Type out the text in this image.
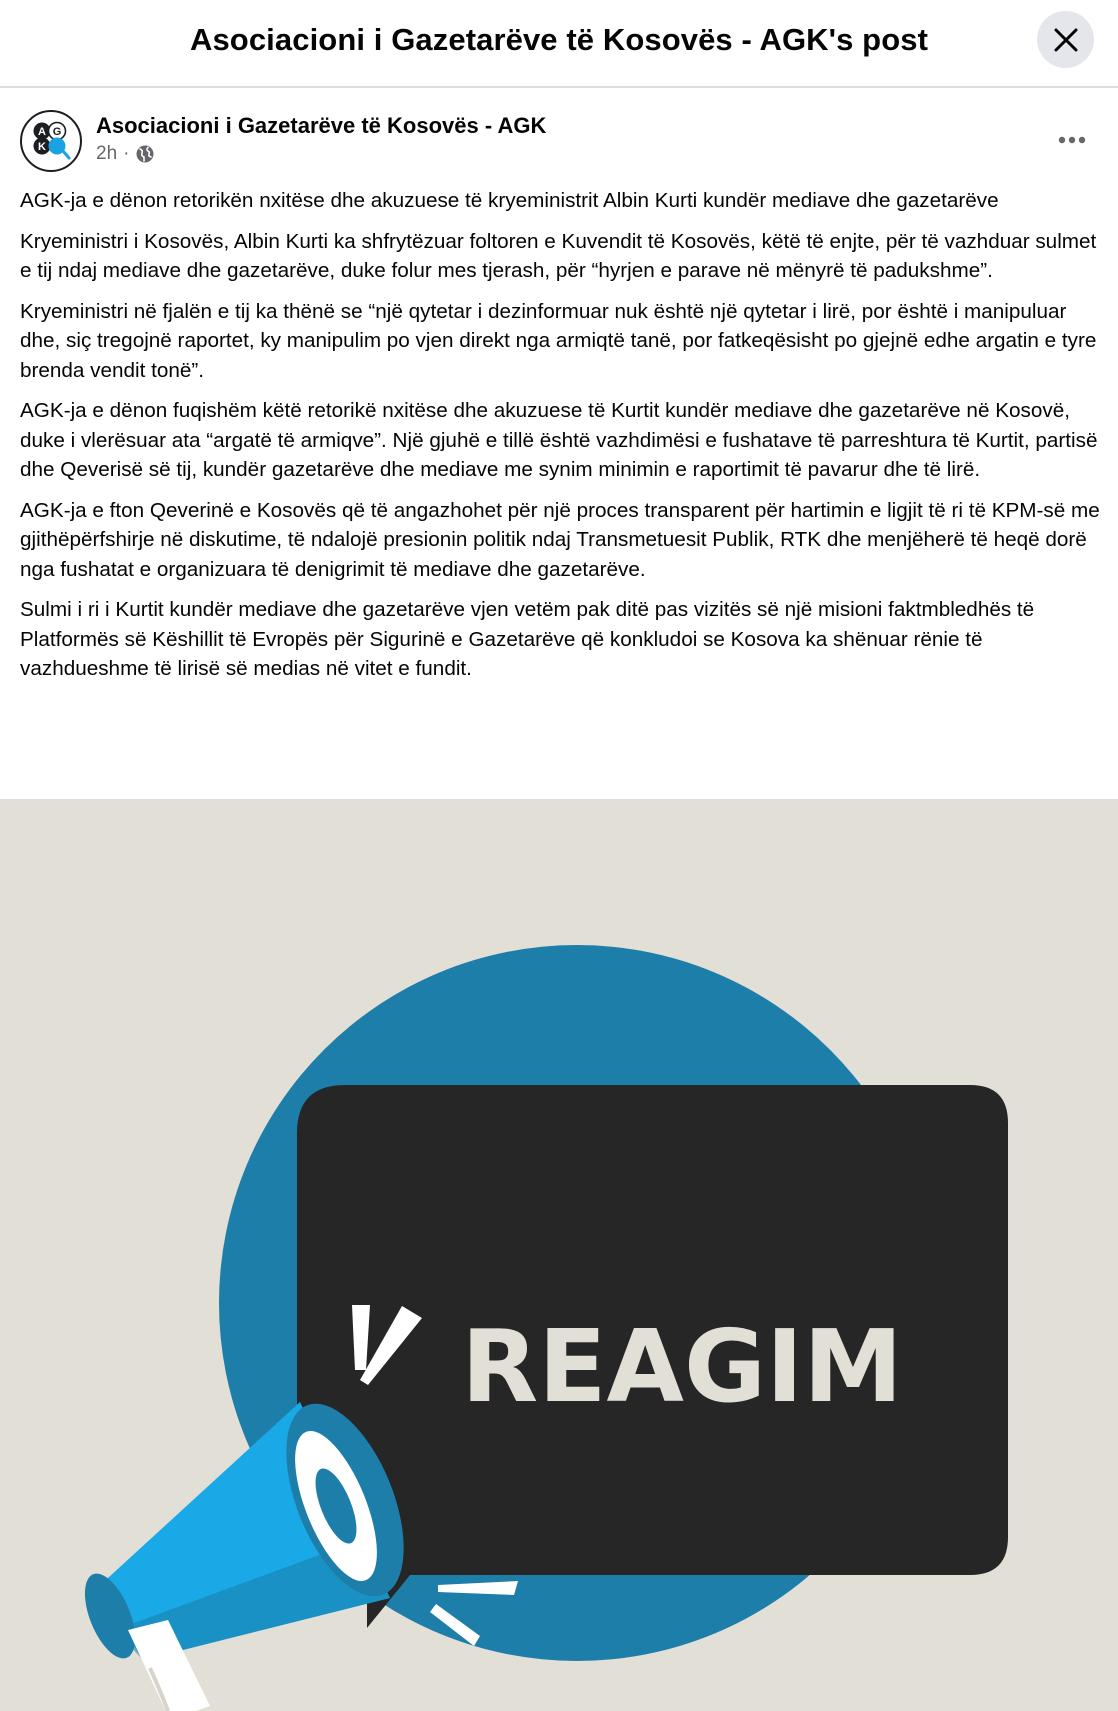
Asociacioni i Gazetarëve të Kosovës - AGK's post
A G
K
Asociacioni i Gazetarëve të Kosovës - AGK
2h ·

AGK-ja e dënon retorikën nxitëse dhe akuzuese të kryeministrit Albin Kurti kundër mediave dhe gazetarëve

Kryeministri i Kosovës, Albin Kurti ka shfrytëzuar foltoren e Kuvendit të Kosovës, këtë të enjte, për të vazhduar sulmet e tij ndaj mediave dhe gazetarëve, duke folur mes tjerash, për “hyrjen e parave në mënyrë të padukshme”.

Kryeministri në fjalën e tij ka thënë se “një qytetar i dezinformuar nuk është një qytetar i lirë, por është i manipuluar dhe, siç tregojnë raportet, ky manipulim po vjen direkt nga armiqtë tanë, por fatkeqësisht po gjejnë edhe argatin e tyre brenda vendit tonë”.

AGK-ja e dënon fuqishëm këtë retorikë nxitëse dhe akuzuese të Kurtit kundër mediave dhe gazetarëve në Kosovë, duke i vlerësuar ata “argatë të armiqve”. Një gjuhë e tillë është vazhdimësi e fushatave të parreshtura të Kurtit, partisë dhe Qeverisë së tij, kundër gazetarëve dhe mediave me synim minimin e raportimit të pavarur dhe të lirë.

AGK-ja e fton Qeverinë e Kosovës që të angazhohet për një proces transparent për hartimin e ligjit të ri të KPM-së me gjithëpërfshirje në diskutime, të ndalojë presionin politik ndaj Transmetuesit Publik, RTK dhe menjëherë të heqë dorë nga fushatat e organizuara të denigrimit të mediave dhe gazetarëve.

Sulmi i ri i Kurtit kundër mediave dhe gazetarëve vjen vetëm pak ditë pas vizitës së një misioni faktmbledhës të Platformës së Këshillit të Evropës për Sigurinë e Gazetarëve që konkludoi se Kosova ka shënuar rënie të vazhdueshme të lirisë së medias në vitet e fundit.

REAGIM
